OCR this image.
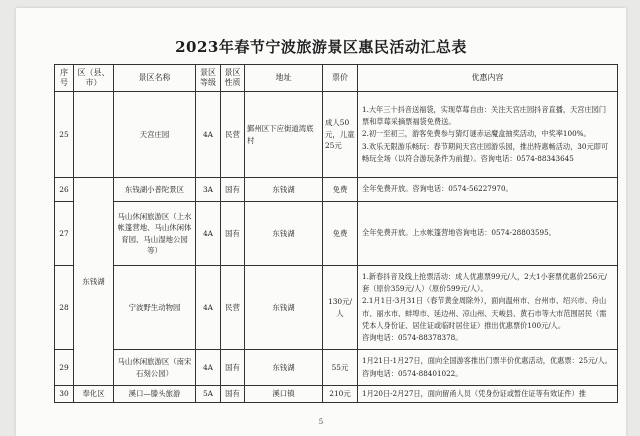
2023年春节宁波旅游景区惠民活动汇总表
序号	区（县、市）	景区名称	景区等级	景区性质	地址	票价	优惠内容
25		天宫庄园	4A	民营	鄞州区下应街道湾底村	成人50元，儿童25元	1.大年三十抖音送福袋，实现草莓自由：关注天宫庄园抖音直播，天宫庄园门票和草莓采摘票福袋免费送。
2.初一至初三，游客免费参与猜灯谜赤运魔盒抽奖活动，中奖率100%。
3.欢乐无限游乐畅玩：春节期间天宫庄园游乐园，推出特惠畅活动，30元即可畅玩全场（以符合游玩条件为前提）。咨询电话：0574-88343645

26	东钱湖	东钱湖小普陀景区	3A	国有	东钱湖	免费	全年免费开放。咨询电话：0574-56227970。

27		马山休闲旅游区（上水帐篷营地、马山休闲体育园、马山湿地公园等）	4A	国有	东钱湖	免费	全年免费开放。上水帐篷营地咨询电话：0574-28803595。

28		宁波野生动物园	4A	民营	东钱湖	130元/人	1.新春抖音及线上抢票活动：成人优惠票99元/人，2大1小套票优惠价256元/套（原价359元/人）（原价599元/人）。
2.1月1日-3月31日（春节黄金周除外），面向温州市、台州市、绍兴市、舟山市、丽水市、蚌埠市、延边州、凉山州、天峻县、黄石市等大市范围居民（需凭本人身份证、居住证或临时居住证）推出优惠票价100元/人。
咨询电话：0574-88378378。

29		马山休闲旅游区（南宋石刻公园）	4A	国有	东钱湖	55元	1月21日-1月27日，面向全国游客推出门票半价优惠活动，优惠票：25元/人。咨询电话：0574-88401022。

30	奉化区	溪口—滕头旅游	5A	国有	溪口镇	210元	1月20日-2月27日，面向留甬人员（凭身份证或暂住证等有效证件）推
5
